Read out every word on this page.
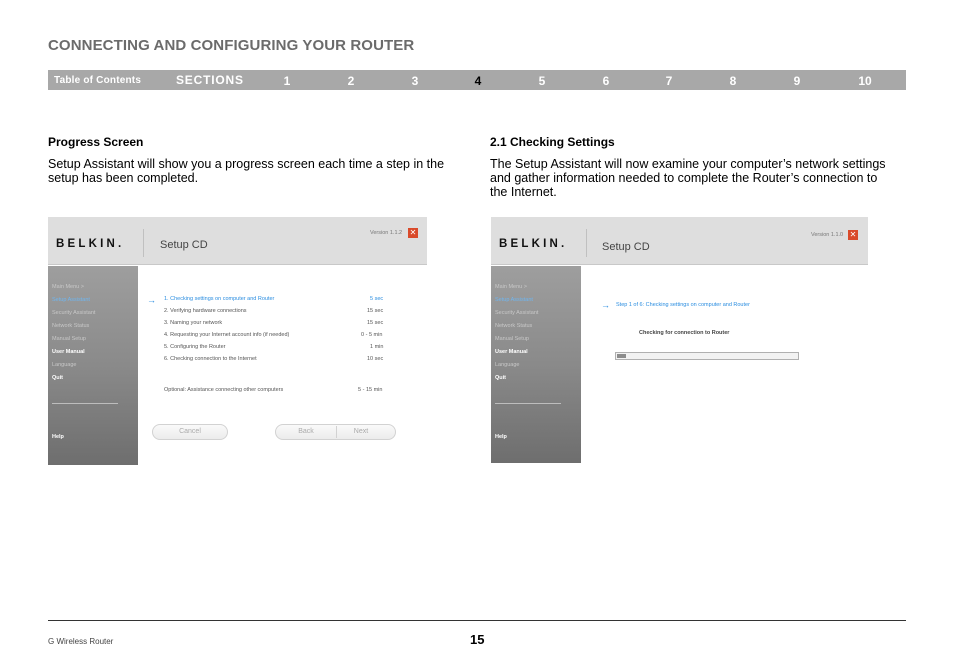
CONNECTING AND CONFIGURING YOUR ROUTER
Table of Contents	SECTIONS	1	2	3	4	5	6	7	8	9	10
Progress Screen
Setup Assistant will show you a progress screen each time a step in the
setup has been completed.
2.1 Checking Settings
The Setup Assistant will now examine your computer’s network settings
and gather information needed to complete the Router’s connection to
the Internet.
BELKIN.	Setup CD
Version 1.1.2 ✕
Main Menu >
Setup Assistant
Security Assistant
Network Status
Manual Setup
User Manual
Language
Quit
Help
→ 1. Checking settings on computer and Router	5 sec
2. Verifying hardware connections	15 sec
3. Naming your network	15 sec
4. Requesting your Internet account info (if needed)	0 - 5 min
5. Configuring the Router	1 min
6. Checking connection to the Internet	10 sec
Optional: Assistance connecting other computers	5 - 15 min
Cancel	Back	Next
BELKIN.	Setup CD
Version 1.1.0 ✕
Main Menu >
Setup Assistant
Security Assistant
Network Status
Manual Setup
User Manual
Language
Quit
Help
→ Step 1 of 6: Checking settings on computer and Router
Checking for connection to Router
G Wireless Router	15
